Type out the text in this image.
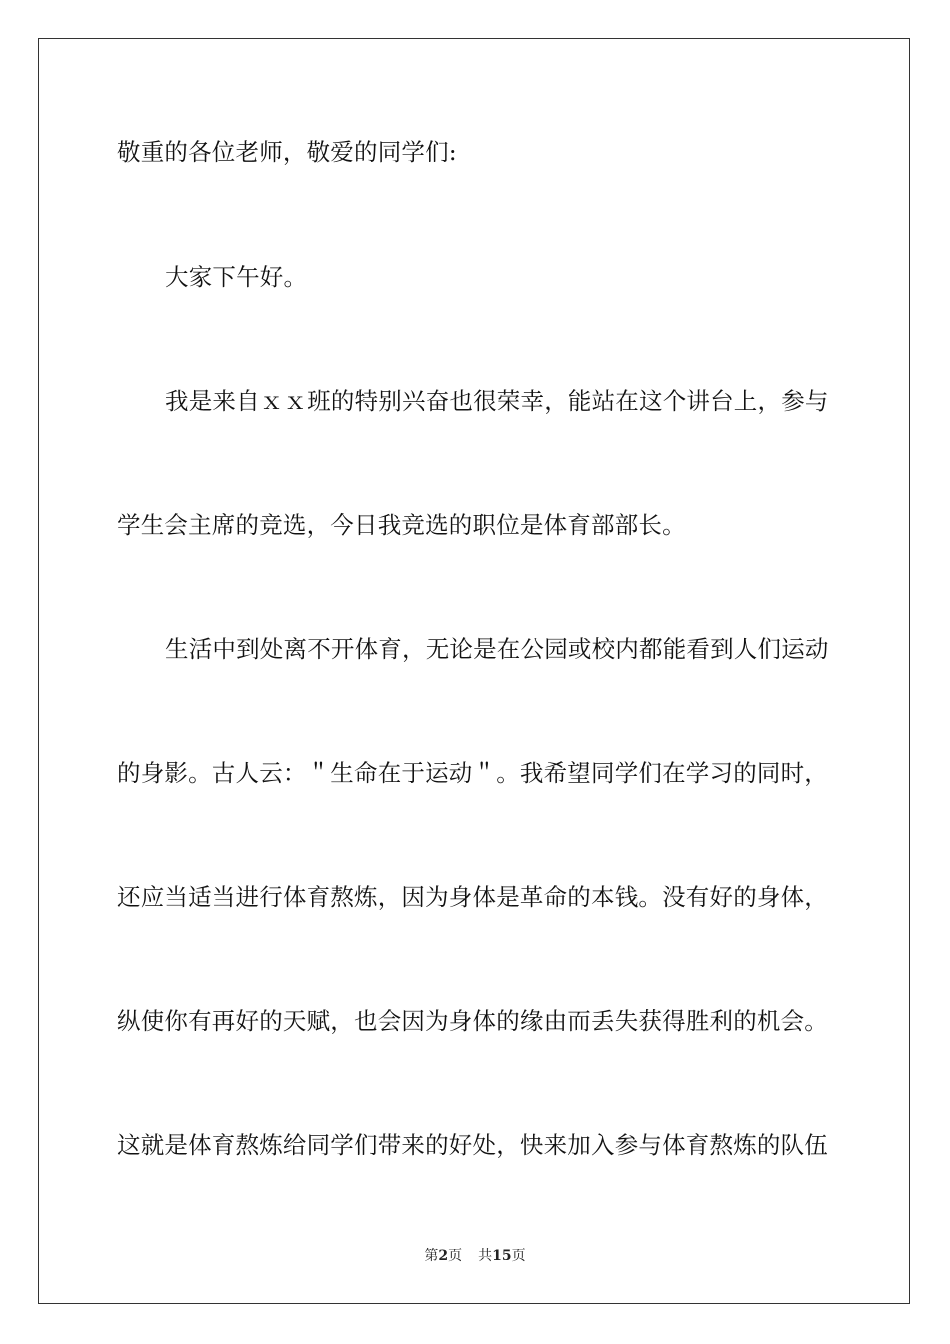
敬重的各位老师，敬爱的同学们:
大家下午好。
我是来自ｘｘ班的特别兴奋也很荣幸，能站在这个讲台上，参与
学生会主席的竞选，今日我竞选的职位是体育部部长。
生活中到处离不开体育，无论是在公园或校内都能看到人们运动
的身影。古人云：＂生命在于运动＂。我希望同学们在学习的同时，
还应当适当进行体育熬炼，因为身体是革命的本钱。没有好的身体，
纵使你有再好的天赋，也会因为身体的缘由而丢失获得胜利的机会。
这就是体育熬炼给同学们带来的好处，快来加入参与体育熬炼的队伍
第2页 共15页
